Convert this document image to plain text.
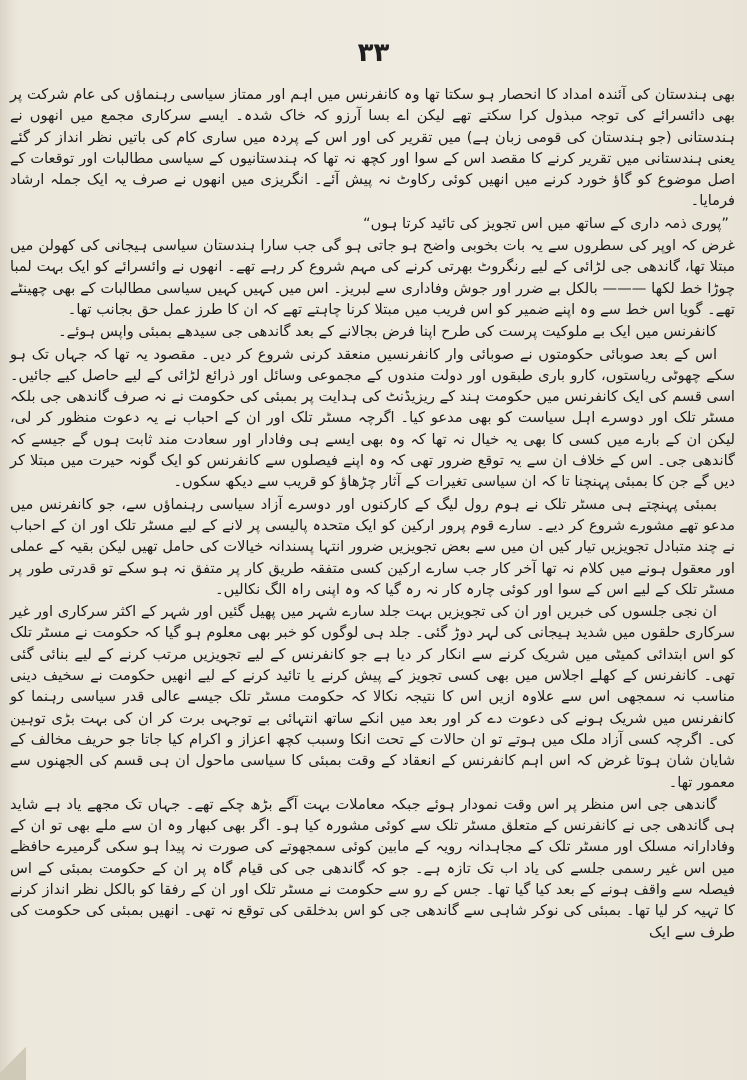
۳۳

بھی ہندستان کی آئندہ امداد کا انحصار ہو سکتا تھا وہ کانفرنس میں اہم اور ممتاز سیاسی رہنماؤں کی عام شرکت پر بھی دائسرائے کی توجہ مبذول کرا سکتے تھے لیکن اے بسا آرزو کہ خاک شدہ۔ ایسے سرکاری مجمع میں انھوں نے ہندستانی (جو ہندستان کی قومی زبان ہے) میں تقریر کی اور اس کے پردہ میں ساری کام کی باتیں نظر انداز کر گئے یعنی ہندستانی میں تقریر کرنے کا مقصد اس کے سوا اور کچھ نہ تھا کہ ہندستانیوں کے سیاسی مطالبات اور توقعات کے اصل موضوع کو گاؤ خورد کرنے میں انھیں کوئی رکاوٹ نہ پیش آئے۔ انگریزی میں انھوں نے صرف یہ ایک جملہ ارشاد فرمایا۔

”پوری ذمہ داری کے ساتھ میں اس تجویز کی تائید کرتا ہوں“

غرض کہ اوپر کی سطروں سے یہ بات بخوبی واضح ہو جاتی ہو گی جب سارا ہندستان سیاسی ہیجانی کی کھولن میں مبتلا تھا، گاندھی جی لڑائی کے لیے رنگروٹ بھرتی کرنے کی مہم شروع کر رہے تھے۔ انھوں نے وائسرائے کو ایک بہت لمبا چوڑا خط لکھا ——— بالکل بے ضرر اور جوش وفاداری سے لبریز۔ اس میں کہیں کہیں سیاسی مطالبات کے بھی چھینٹے تھے۔ گویا اس خط سے وہ اپنے ضمیر کو اس فریب میں مبتلا کرنا چاہتے تھے کہ ان کا طرز عمل حق بجانب تھا۔

کانفرنس میں ایک بے ملوکیت پرست کی طرح اپنا فرض بجالانے کے بعد گاندھی جی سیدھے بمبئی واپس ہوئے۔

اس کے بعد صوبائی حکومتوں نے صوبائی وار کانفرنسیں منعقد کرنی شروع کر دیں۔ مقصود یہ تھا کہ جہاں تک ہو سکے چھوٹی ریاستوں، کارو باری طبقوں اور دولت مندوں کے مجموعی وسائل اور ذرائع لڑائی کے لیے حاصل کیے جائیں۔ اسی قسم کی ایک کانفرنس میں حکومت ہند کے ریزیڈنٹ کی ہدایت پر بمبئی کی حکومت نے نہ صرف گاندھی جی بلکہ مسٹر تلک اور دوسرے اہل سیاست کو بھی مدعو کیا۔ اگرچہ مسٹر تلک اور ان کے احباب نے یہ دعوت منظور کر لی، لیکن ان کے بارے میں کسی کا بھی یہ خیال نہ تھا کہ وہ بھی ایسے ہی وفادار اور سعادت مند ثابت ہوں گے جیسے کہ گاندھی جی۔ اس کے خلاف ان سے یہ توقع ضرور تھی کہ وہ اپنے فیصلوں سے کانفرنس کو ایک گونہ حیرت میں مبتلا کر دیں گے جن کا بمبئی پہنچنا تا کہ ان سیاسی تغیرات کے آثار چڑھاؤ کو قریب سے دیکھ سکوں۔

بمبئی پہنچتے ہی مسٹر تلک نے ہوم رول لیگ کے کارکنوں اور دوسرے آزاد سیاسی رہنماؤں سے، جو کانفرنس میں مدعو تھے مشورے شروع کر دیے۔ سارے قوم پرور ارکین کو ایک متحدہ پالیسی پر لانے کے لیے مسٹر تلک اور ان کے احباب نے چند متبادل تجویزیں تیار کیں ان میں سے بعض تجویزیں ضرور انتہا پسندانہ خیالات کی حامل تھیں لیکن بقیہ کے عملی اور معقول ہونے میں کلام نہ تھا آخر کار جب سارے ارکین کسی متفقہ طریق کار پر متفق نہ ہو سکے تو قدرتی طور پر مسٹر تلک کے لیے اس کے سوا اور کوئی چارہ کار نہ رہ گیا کہ وہ اپنی راہ الگ نکالیں۔

ان نجی جلسوں کی خبریں اور ان کی تجویزیں بہت جلد سارے شہر میں پھیل گئیں اور شہر کے اکثر سرکاری اور غیر سرکاری حلقوں میں شدید ہیجانی کی لہر دوڑ گئی۔ جلد ہی لوگوں کو خبر بھی معلوم ہو گیا کہ حکومت نے مسٹر تلک کو اس ابتدائی کمیٹی میں شریک کرنے سے انکار کر دیا ہے جو کانفرنس کے لیے تجویزیں مرتب کرنے کے لیے بنائی گئی تھی۔ کانفرنس کے کھلے اجلاس میں بھی کسی تجویز کے پیش کرنے یا تائید کرنے کے لیے انھیں حکومت نے سخیف دینی مناسب نہ سمجھی اس سے علاوہ ازیں اس کا نتیجہ نکالا کہ حکومت مسٹر تلک جیسے عالی قدر سیاسی رہنما کو کانفرنس میں شریک ہونے کی دعوت دے کر اور بعد میں انکے ساتھ انتہائی بے توجہی برت کر ان کی بہت بڑی توہین کی۔ اگرچہ کسی آزاد ملک میں ہوتے تو ان حالات کے تحت انکا وسبب کچھ اعزاز و اکرام کیا جاتا جو حریف مخالف کے شایان شان ہوتا غرض کہ اس اہم کانفرنس کے انعقاد کے وقت بمبئی کا سیاسی ماحول ان ہی قسم کی الجھنوں سے معمور تھا۔

گاندھی جی اس منظر پر اس وقت نمودار ہوئے جبکہ معاملات بہت آگے بڑھ چکے تھے۔ جہاں تک مجھے یاد ہے شاید ہی گاندھی جی نے کانفرنس کے متعلق مسٹر تلک سے کوئی مشورہ کیا ہو۔ اگر بھی کبھار وہ ان سے ملے بھی تو ان کے وفادارانہ مسلک اور مسٹر تلک کے مجاہدانہ رویہ کے مابین کوئی سمجھوتے کی صورت نہ پیدا ہو سکی گرمیرے حافظے میں اس غیر رسمی جلسے کی یاد اب تک تازہ ہے۔ جو کہ گاندھی جی کی قیام گاہ پر ان کے حکومت بمبئی کے اس فیصلہ سے واقف ہونے کے بعد کیا گیا تھا۔ جس کے رو سے حکومت نے مسٹر تلک اور ان کے رفقا کو بالکل نظر انداز کرنے کا تہیہ کر لیا تھا۔ بمبئی کی نوکر شاہی سے گاندھی جی کو اس بدخلقی کی توقع نہ تھی۔ انھیں بمبئی کی حکومت کی طرف سے ایک
